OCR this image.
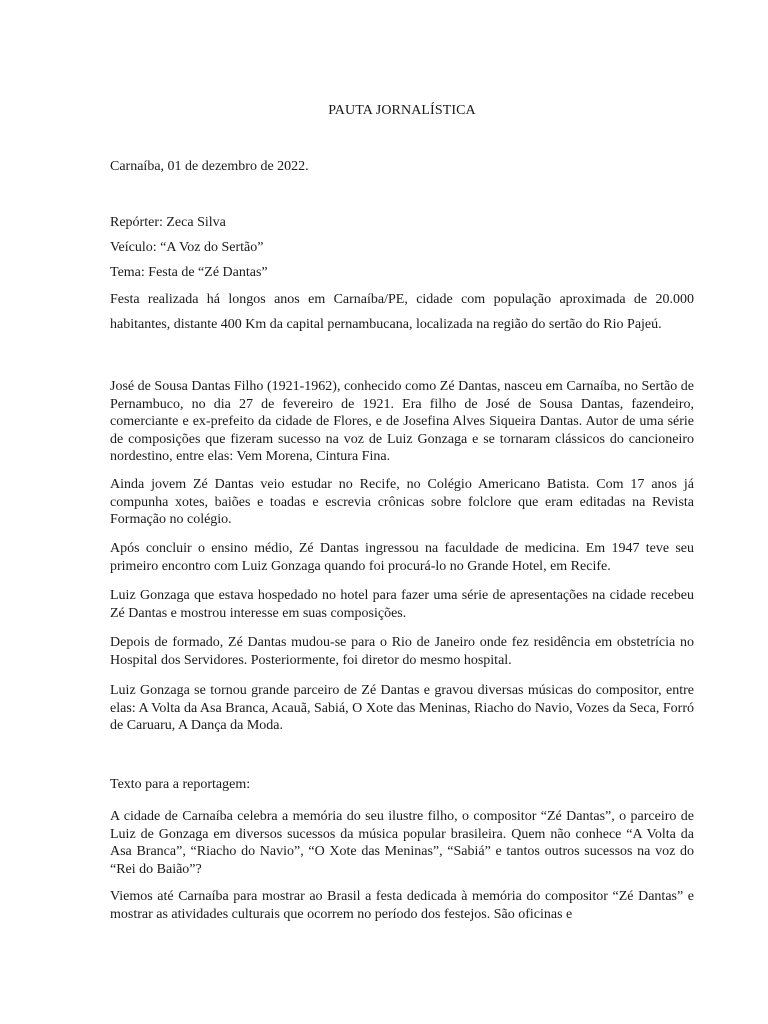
PAUTA JORNALÍSTICA
Carnaíba, 01 de dezembro de 2022.
Repórter: Zeca Silva
Veículo: “A Voz do Sertão”
Tema: Festa de “Zé Dantas”
Festa realizada há longos anos em Carnaíba/PE, cidade com população aproximada de 20.000 habitantes, distante 400 Km da capital pernambucana, localizada na região do sertão do Rio Pajeú.
José de Sousa Dantas Filho (1921-1962), conhecido como Zé Dantas, nasceu em Carnaíba, no Sertão de Pernambuco, no dia 27 de fevereiro de 1921. Era filho de José de Sousa Dantas, fazendeiro, comerciante e ex-prefeito da cidade de Flores, e de Josefina Alves Siqueira Dantas. Autor de uma série de composições que fizeram sucesso na voz de Luiz Gonzaga e se tornaram clássicos do cancioneiro nordestino, entre elas: Vem Morena, Cintura Fina.
Ainda jovem Zé Dantas veio estudar no Recife, no Colégio Americano Batista. Com 17 anos já compunha xotes, baiões e toadas e escrevia crônicas sobre folclore que eram editadas na Revista Formação no colégio.
Após concluir o ensino médio, Zé Dantas ingressou na faculdade de medicina. Em 1947 teve seu primeiro encontro com Luiz Gonzaga quando foi procurá-lo no Grande Hotel, em Recife.
Luiz Gonzaga que estava hospedado no hotel para fazer uma série de apresentações na cidade recebeu Zé Dantas e mostrou interesse em suas composições.
Depois de formado, Zé Dantas mudou-se para o Rio de Janeiro onde fez residência em obstetrícia no Hospital dos Servidores. Posteriormente, foi diretor do mesmo hospital.
Luiz Gonzaga se tornou grande parceiro de Zé Dantas e gravou diversas músicas do compositor, entre elas: A Volta da Asa Branca, Acauã, Sabiá, O Xote das Meninas, Riacho do Navio, Vozes da Seca, Forró de Caruaru, A Dança da Moda.
Texto para a reportagem:
A cidade de Carnaíba celebra a memória do seu ilustre filho, o compositor “Zé Dantas”, o parceiro de Luiz de Gonzaga em diversos sucessos da música popular brasileira. Quem não conhece “A Volta da Asa Branca”, “Riacho do Navio”, “O Xote das Meninas”, “Sabiá” e tantos outros sucessos na voz do “Rei do Baião”?
Viemos até Carnaíba para mostrar ao Brasil a festa dedicada à memória do compositor “Zé Dantas” e mostrar as atividades culturais que ocorrem no período dos festejos. São oficinas e
